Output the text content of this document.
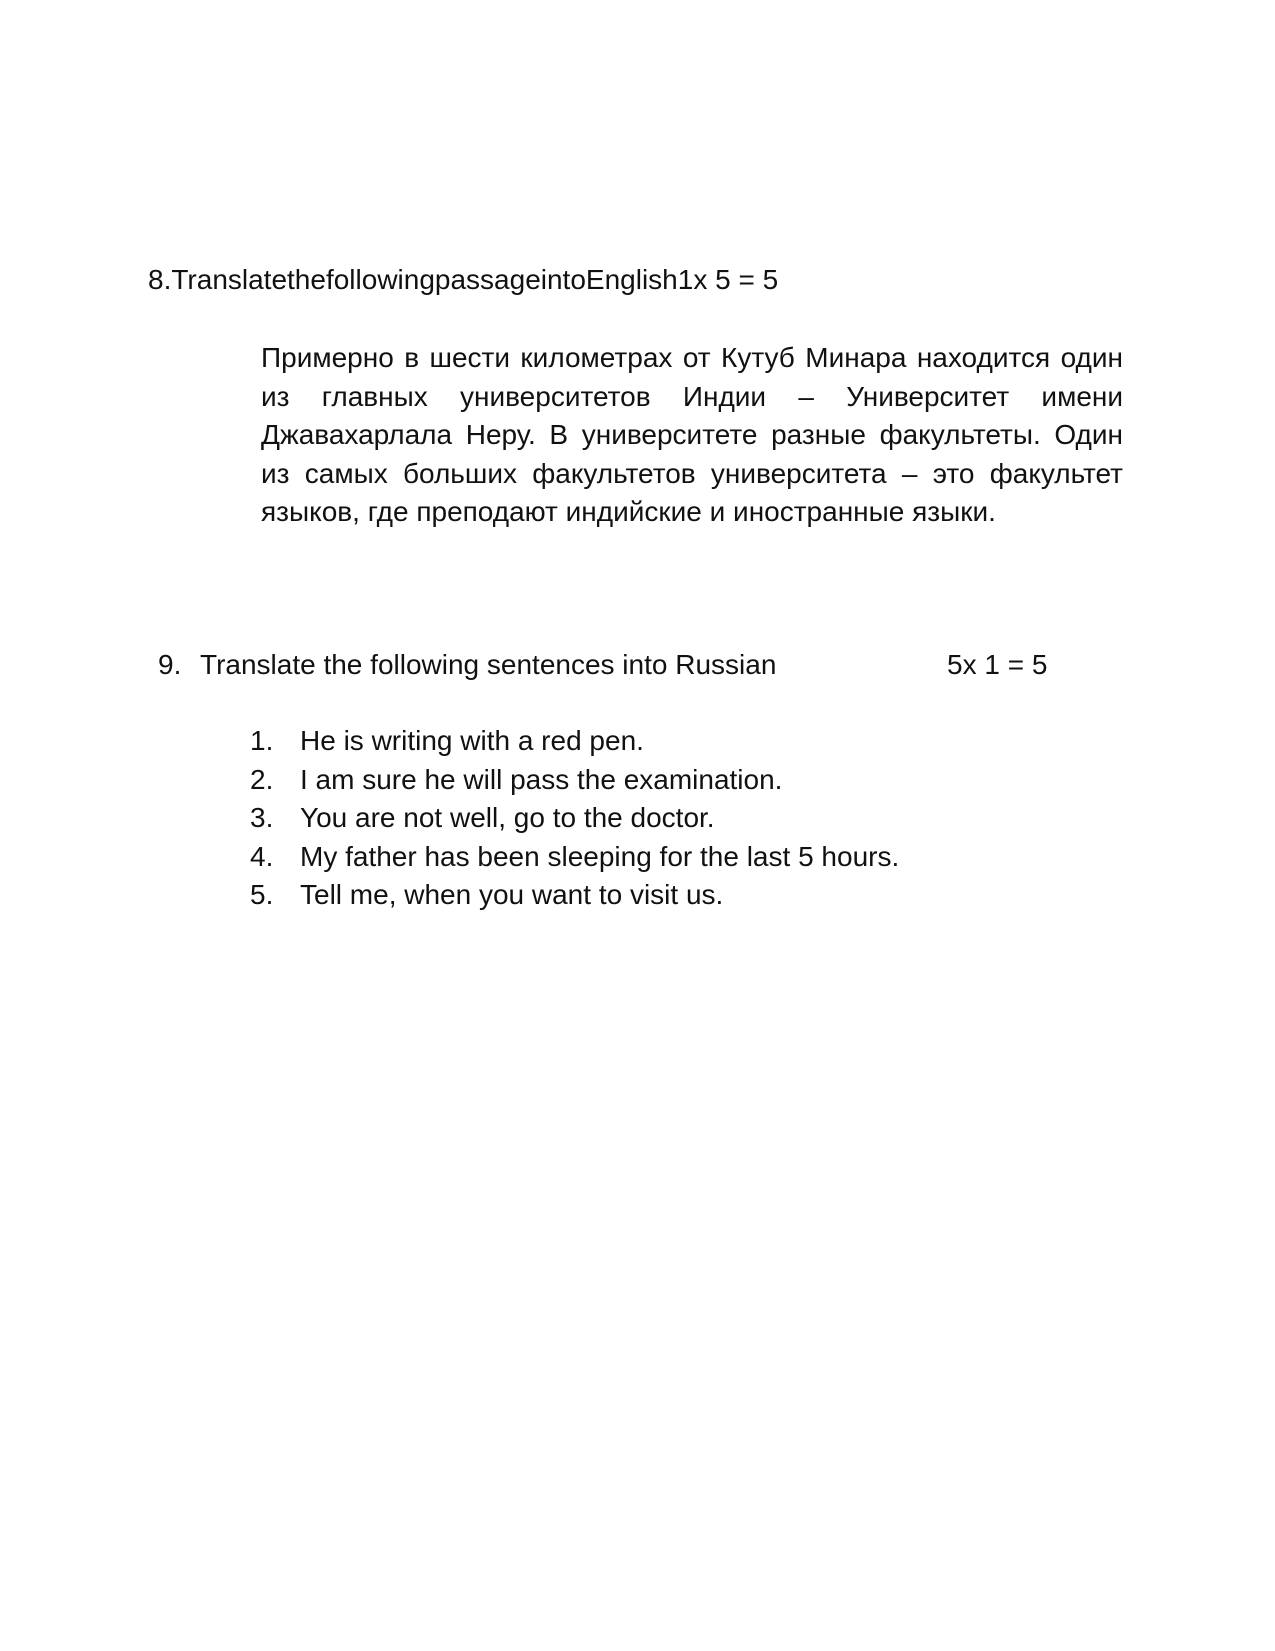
8.TranslatethefollowingpassageintoEnglish1x 5 = 5

Примерно в шести километрах от Кутуб Минара находится один из главных университетов Индии – Университет имени Джавахарлала Неру. В университете разные факультеты. Один из самых больших факультетов университета – это факультет языков, где преподают индийские и иностранные языки.

9. Translate the following sentences into Russian	5x 1 = 5
1. He is writing with a red pen.
2. I am sure he will pass the examination.
3. You are not well, go to the doctor.
4. My father has been sleeping for the last 5 hours.
5. Tell me, when you want to visit us.
